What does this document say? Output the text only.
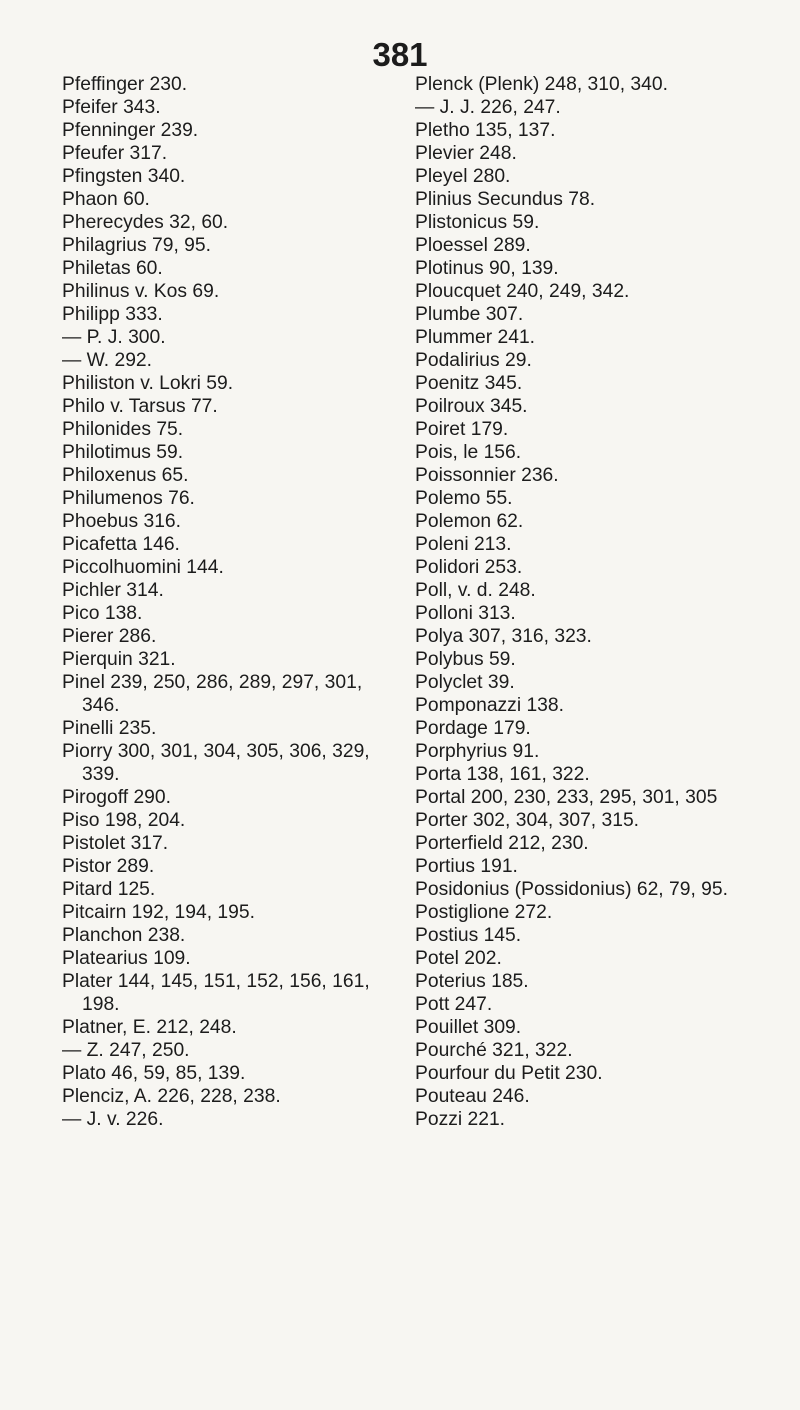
381
Pfeffinger 230.
Pfeifer 343.
Pfenninger 239.
Pfeufer 317.
Pfingsten 340.
Phaon 60.
Pherecydes 32, 60.
Philagrius 79, 95.
Philetas 60.
Philinus v. Kos 69.
Philipp 333.
— P. J. 300.
— W. 292.
Philiston v. Lokri 59.
Philo v. Tarsus 77.
Philonides 75.
Philotimus 59.
Philoxenus 65.
Philumenos 76.
Phoebus 316.
Picafetta 146.
Piccolhuomini 144.
Pichler 314.
Pico 138.
Pierer 286.
Pierquin 321.
Pinel 239, 250, 286, 289, 297, 301,
346.
Pinelli 235.
Piorry 300, 301, 304, 305, 306, 329,
339.
Pirogoff 290.
Piso 198, 204.
Pistolet 317.
Pistor 289.
Pitard 125.
Pitcairn 192, 194, 195.
Planchon 238.
Platearius 109.
Plater 144, 145, 151, 152, 156, 161,
198.
Platner, E. 212, 248.
— Z. 247, 250.
Plato 46, 59, 85, 139.
Plenciz, A. 226, 228, 238.
— J. v. 226.
Plenck (Plenk) 248, 310, 340.
— J. J. 226, 247.
Pletho 135, 137.
Plevier 248.
Pleyel 280.
Plinius Secundus 78.
Plistonicus 59.
Ploessel 289.
Plotinus 90, 139.
Ploucquet 240, 249, 342.
Plumbe 307.
Plummer 241.
Podalirius 29.
Poenitz 345.
Poilroux 345.
Poiret 179.
Pois, le 156.
Poissonnier 236.
Polemo 55.
Polemon 62.
Poleni 213.
Polidori 253.
Poll, v. d. 248.
Polloni 313.
Polya 307, 316, 323.
Polybus 59.
Polyclet 39.
Pomponazzi 138.
Pordage 179.
Porphyrius 91.
Porta 138, 161, 322.
Portal 200, 230, 233, 295, 301, 305
Porter 302, 304, 307, 315.
Porterfield 212, 230.
Portius 191.
Posidonius (Possidonius) 62, 79, 95.
Postiglione 272.
Postius 145.
Potel 202.
Poterius 185.
Pott 247.
Pouillet 309.
Pourché 321, 322.
Pourfour du Petit 230.
Pouteau 246.
Pozzi 221.
